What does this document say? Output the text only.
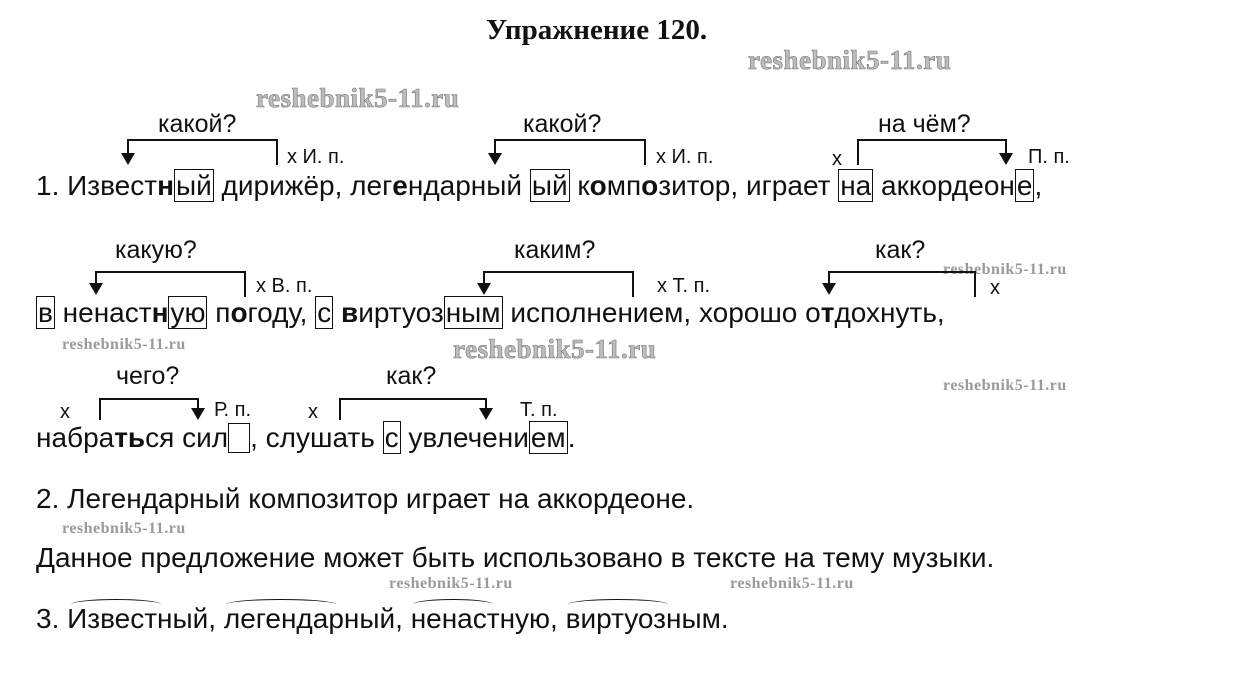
Упражнение 120.
reshebnik5-11.ru
reshebnik5-11.ru
reshebnik5-11.ru
reshebnik5-11.ru	reshebnik5-11.ru
reshebnik5-11.ru
reshebnik5-11.ru
reshebnik5-11.ru	reshebnik5-11.ru
какой?
х И. п.
какой?
х И. п.
на чём?
х	П. п.
1. Известный дирижёр, легендарный ый композитор, играет на аккордеоне,
какую?
х В. п.
каким?
х Т. п.
как?
х
в ненастную погоду, с виртуозным исполнением, хорошо отдохнуть,
чего?
х	Р. п.
как?
х	Т. п.
набраться сил , слушать с увлечением.
2. Легендарный композитор играет на аккордеоне.
Данное предложение может быть использовано в тексте на тему музыки.
3.
Известный,
легендарный,
ненастную,
виртуозным.
